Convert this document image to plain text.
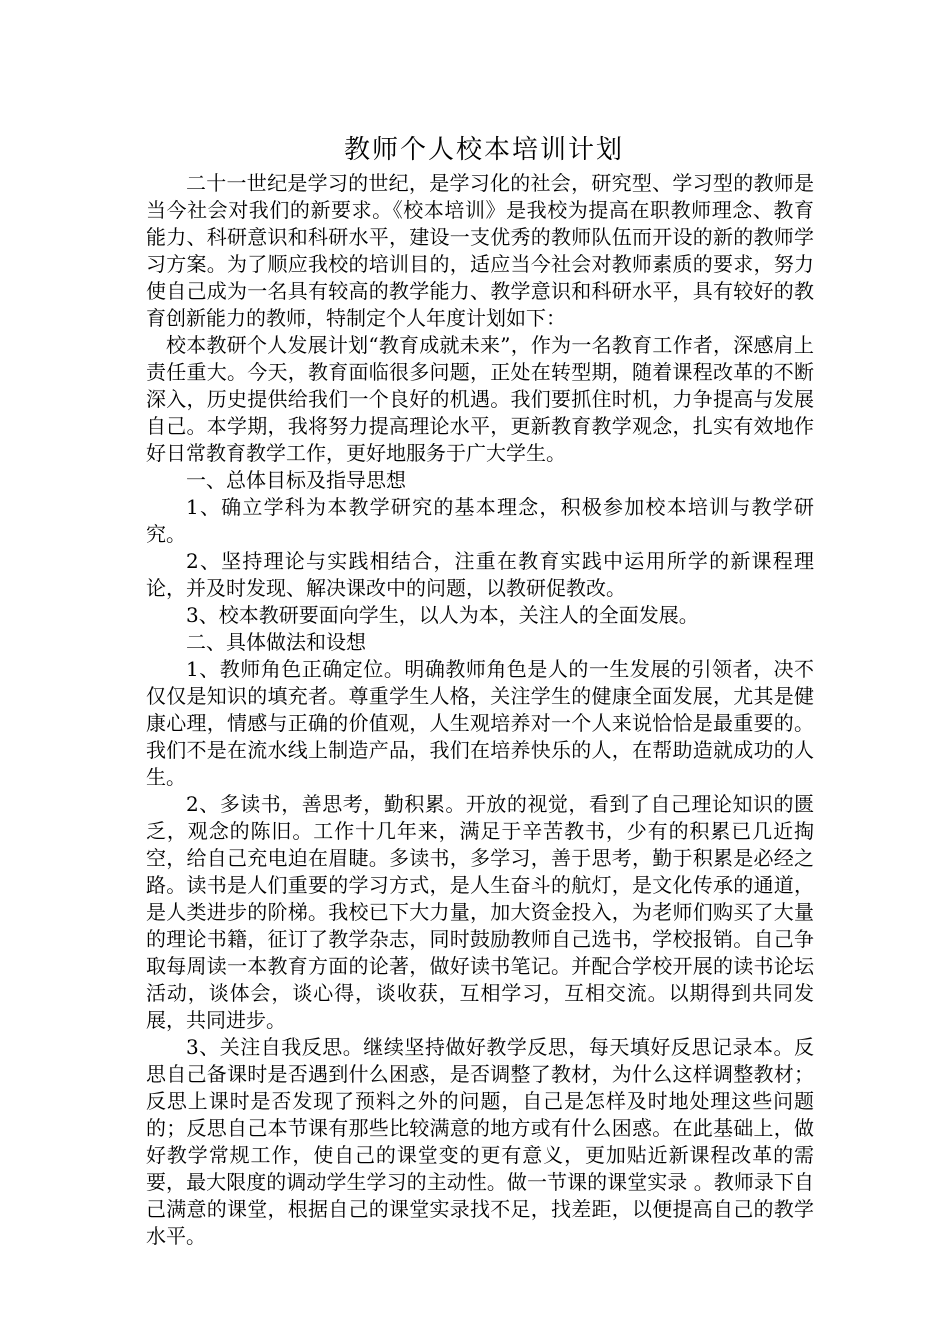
教师个人校本培训计划

二十一世纪是学习的世纪，是学习化的社会，研究型、学习型的教师是当今社会对我们的新要求。《校本培训》是我校为提高在职教师理念、教育能力、科研意识和科研水平，建设一支优秀的教师队伍而开设的新的教师学习方案。为了顺应我校的培训目的，适应当今社会对教师素质的要求，努力使自己成为一名具有较高的教学能力、教学意识和科研水平，具有较好的教育创新能力的教师，特制定个人年度计划如下：

校本教研个人发展计划“教育成就未来”，作为一名教育工作者，深感肩上责任重大。今天，教育面临很多问题，正处在转型期，随着课程改革的不断深入，历史提供给我们一个良好的机遇。我们要抓住时机，力争提高与发展自己。本学期，我将努力提高理论水平，更新教育教学观念，扎实有效地作好日常教育教学工作，更好地服务于广大学生。

一、总体目标及指导思想

1、确立学科为本教学研究的基本理念，积极参加校本培训与教学研究。

2、坚持理论与实践相结合，注重在教育实践中运用所学的新课程理论，并及时发现、解决课改中的问题，以教研促教改。

3、校本教研要面向学生，以人为本，关注人的全面发展。

二、具体做法和设想

1、教师角色正确定位。明确教师角色是人的一生发展的引领者，决不仅仅是知识的填充者。尊重学生人格，关注学生的健康全面发展，尤其是健康心理，情感与正确的价值观，人生观培养对一个人来说恰恰是最重要的。我们不是在流水线上制造产品，我们在培养快乐的人，在帮助造就成功的人生。

2、多读书，善思考，勤积累。开放的视觉，看到了自己理论知识的匮乏，观念的陈旧。工作十几年来，满足于辛苦教书，少有的积累已几近掏空，给自己充电迫在眉睫。多读书，多学习，善于思考，勤于积累是必经之路。读书是人们重要的学习方式，是人生奋斗的航灯，是文化传承的通道，是人类进步的阶梯。我校已下大力量，加大资金投入，为老师们购买了大量的理论书籍，征订了教学杂志，同时鼓励教师自己选书，学校报销。自己争取每周读一本教育方面的论著，做好读书笔记。并配合学校开展的读书论坛活动，谈体会，谈心得，谈收获，互相学习，互相交流。以期得到共同发展，共同进步。

3、关注自我反思。继续坚持做好教学反思，每天填好反思记录本。反思自己备课时是否遇到什么困惑，是否调整了教材，为什么这样调整教材；反思上课时是否发现了预料之外的问题，自己是怎样及时地处理这些问题的；反思自己本节课有那些比较满意的地方或有什么困惑。在此基础上，做好教学常规工作，使自己的课堂变的更有意义，更加贴近新课程改革的需要，最大限度的调动学生学习的主动性。做一节课的课堂实录 。教师录下自己满意的课堂，根据自己的课堂实录找不足，找差距，以便提高自己的教学水平。
